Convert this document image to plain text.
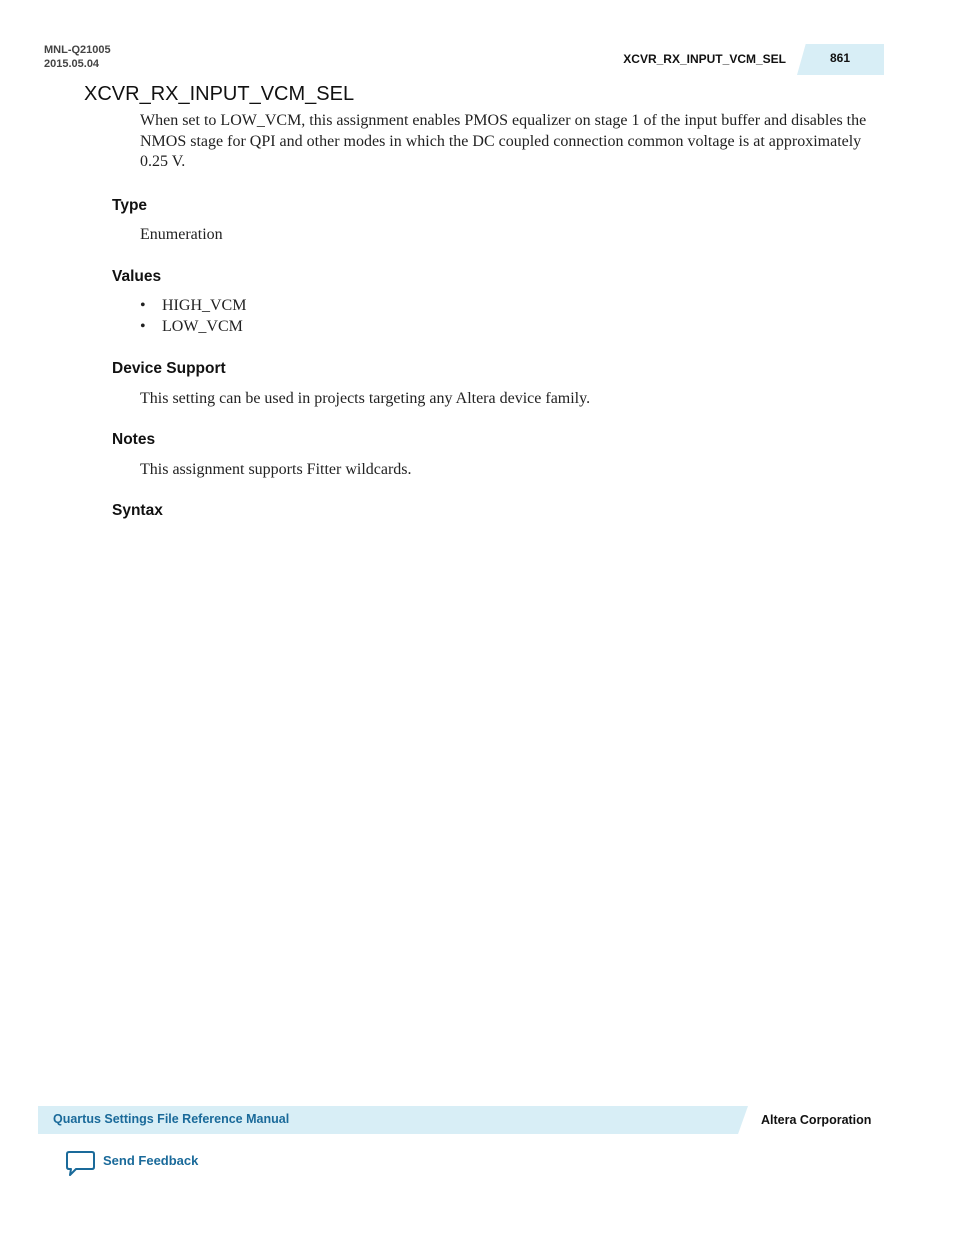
MNL-Q21005
2015.05.04	XCVR_RX_INPUT_VCM_SEL	861
XCVR_RX_INPUT_VCM_SEL
When set to LOW_VCM, this assignment enables PMOS equalizer on stage 1 of the input buffer and disables the NMOS stage for QPI and other modes in which the DC coupled connection common voltage is at approximately 0.25 V.
Type
Enumeration
Values
• HIGH_VCM
• LOW_VCM
Device Support
This setting can be used in projects targeting any Altera device family.
Notes
This assignment supports Fitter wildcards.
Syntax
Quartus Settings File Reference Manual	Altera Corporation
Send Feedback
